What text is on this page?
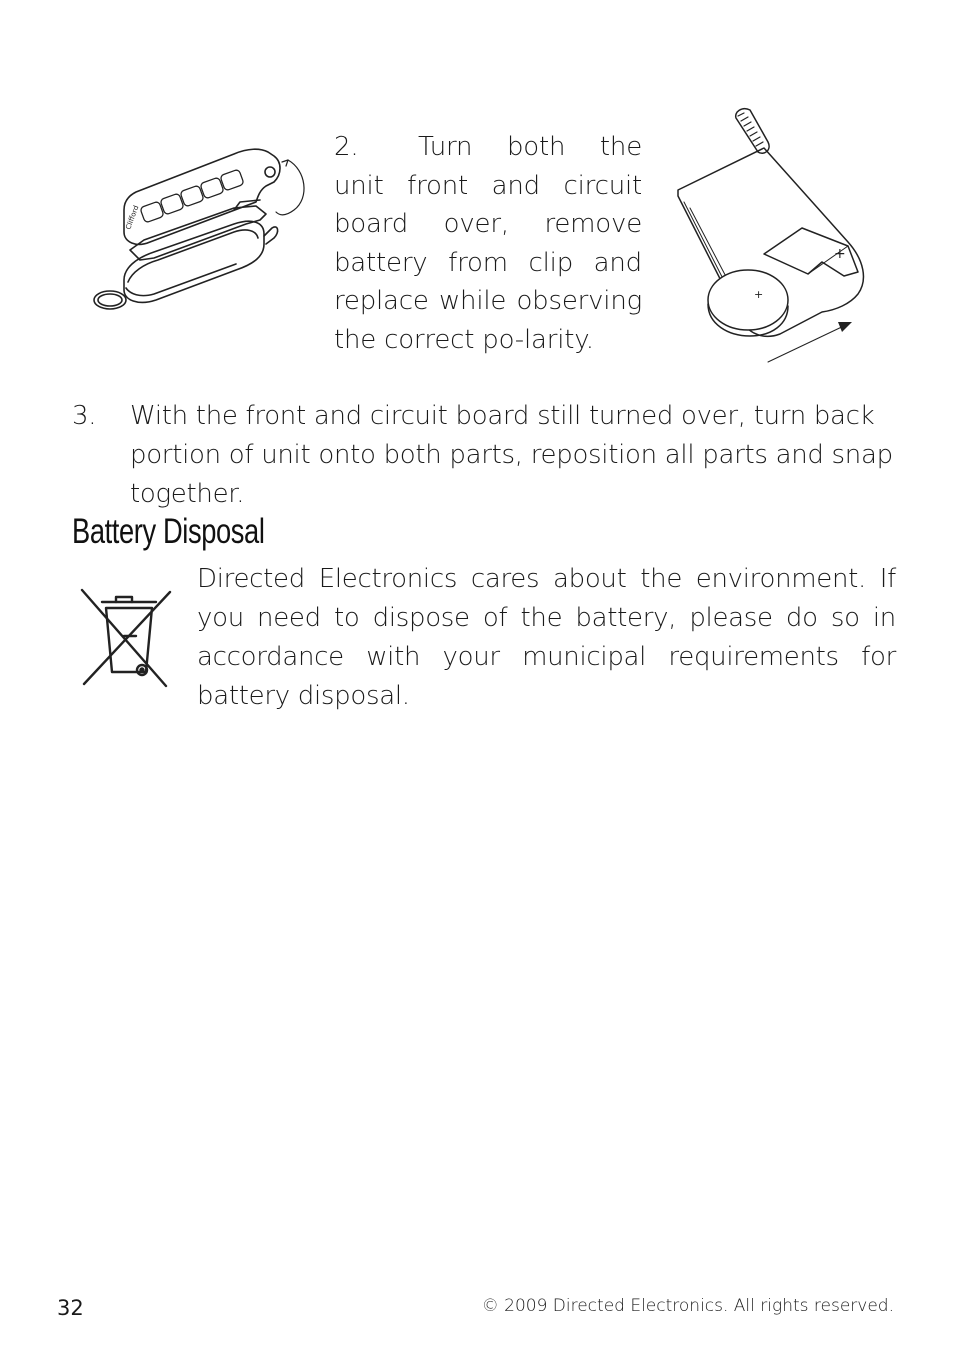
Clifford
2. Turn both the unit front and circuit board over, remove battery from clip and replace while observing the correct po-larity.
+
+
3. With the front and circuit board still turned over, turn back portion of unit onto both parts, reposition all parts and snap together.
Battery Disposal
Directed Electronics cares about the environment. If you need to dispose of the battery, please do so in accordance with your municipal requirements for battery disposal.
32	© 2009 Directed Electronics. All rights reserved.
